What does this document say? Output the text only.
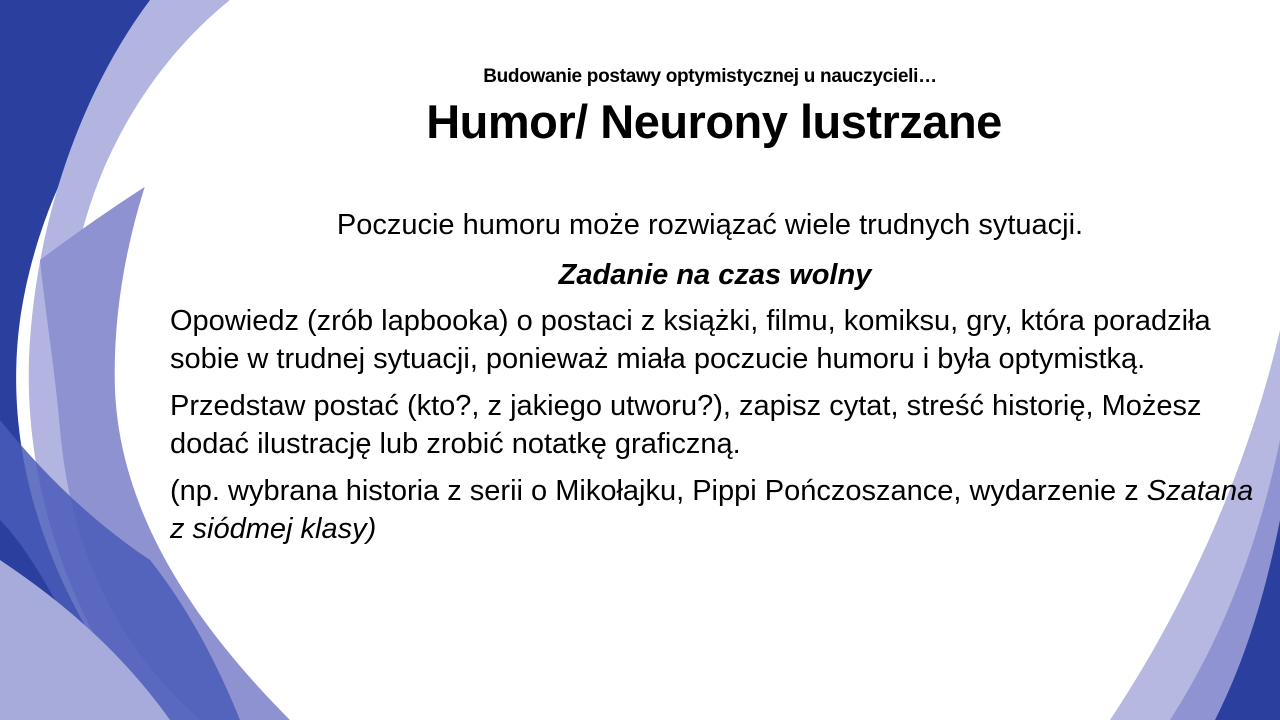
Budowanie postawy optymistycznej u nauczycieli…
Humor/ Neurony lustrzane

Poczucie humoru może rozwiązać wiele trudnych sytuacji.

Zadanie na czas wolny

Opowiedz (zrób lapbooka) o postaci z książki, filmu, komiksu, gry, która poradziła sobie w trudnej sytuacji, ponieważ miała poczucie humoru i była optymistką.

Przedstaw postać (kto?, z jakiego utworu?), zapisz cytat, streść historię, Możesz dodać ilustrację lub zrobić notatkę graficzną.

(np. wybrana historia z serii o Mikołajku, Pippi Pończoszance, wydarzenie z Szatana z siódmej klasy)
